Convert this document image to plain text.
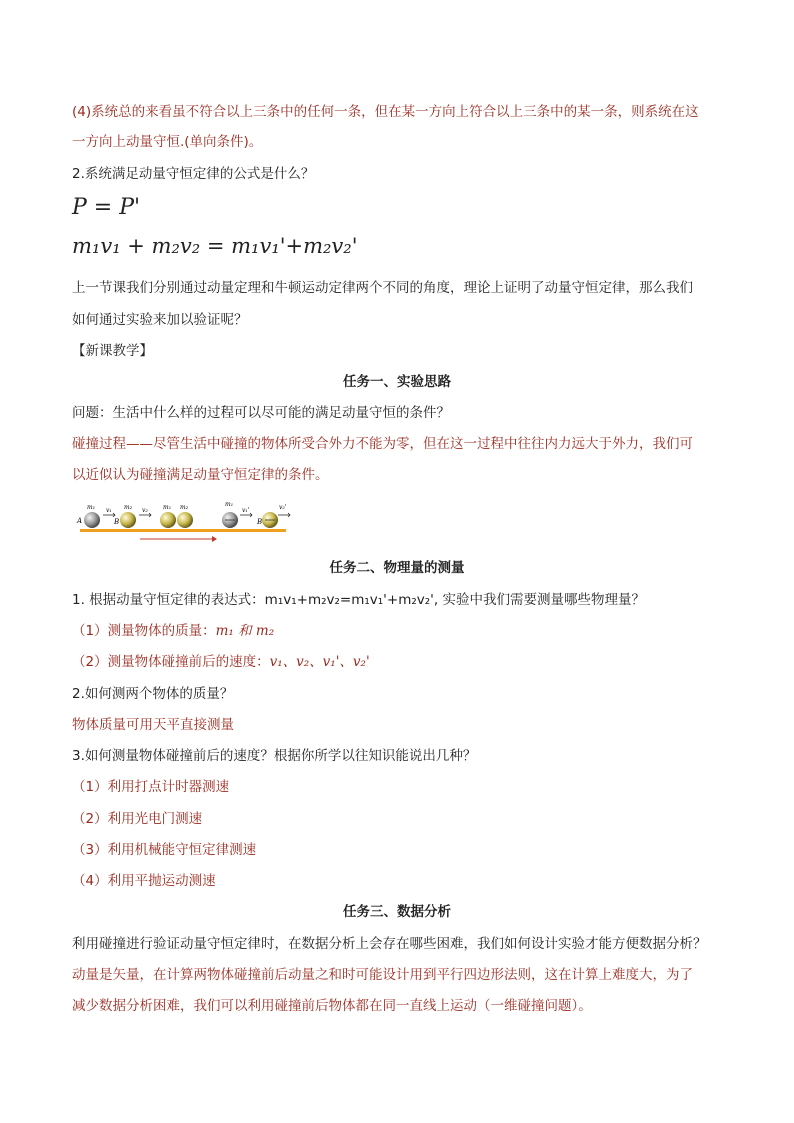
(4)系统总的来看虽不符合以上三条中的任何一条，但在某一方向上符合以上三条中的某一条，则系统在这
一方向上动量守恒.(单向条件)。
2.系统满足动量守恒定律的公式是什么？
P = P'
m₁v₁ + m₂v₂ = m₁v₁'+m₂v₂'
上一节课我们分别通过动量定理和牛顿运动定律两个不同的角度，理论上证明了动量守恒定律，那么我们
如何通过实验来加以验证呢？
【新课教学】
任务一、实验思路
问题：生活中什么样的过程可以尽可能的满足动量守恒的条件？
碰撞过程——尽管生活中碰撞的物体所受合外力不能为零，但在这一过程中往往内力远大于外力，我们可
以近似认为碰撞满足动量守恒定律的条件。
A
m₁ v₁
B
m₂ v₂	m₁ m₂	m₁
v₁'
B
v₂'
任务二、物理量的测量
1. 根据动量守恒定律的表达式：m₁v₁+m₂v₂=m₁v₁'+m₂v₂', 实验中我们需要测量哪些物理量？
（1）测量物体的质量：m₁ 和 m₂
（2）测量物体碰撞前后的速度：v₁、v₂、v₁'、v₂'
2.如何测两个物体的质量？
物体质量可用天平直接测量
3.如何测量物体碰撞前后的速度？根据你所学以往知识能说出几种？
（1）利用打点计时器测速
（2）利用光电门测速
（3）利用机械能守恒定律测速
（4）利用平抛运动测速
任务三、数据分析
利用碰撞进行验证动量守恒定律时，在数据分析上会存在哪些困难，我们如何设计实验才能方便数据分析？
动量是矢量，在计算两物体碰撞前后动量之和时可能设计用到平行四边形法则，这在计算上难度大，为了
减少数据分析困难，我们可以利用碰撞前后物体都在同一直线上运动（一维碰撞问题）。
